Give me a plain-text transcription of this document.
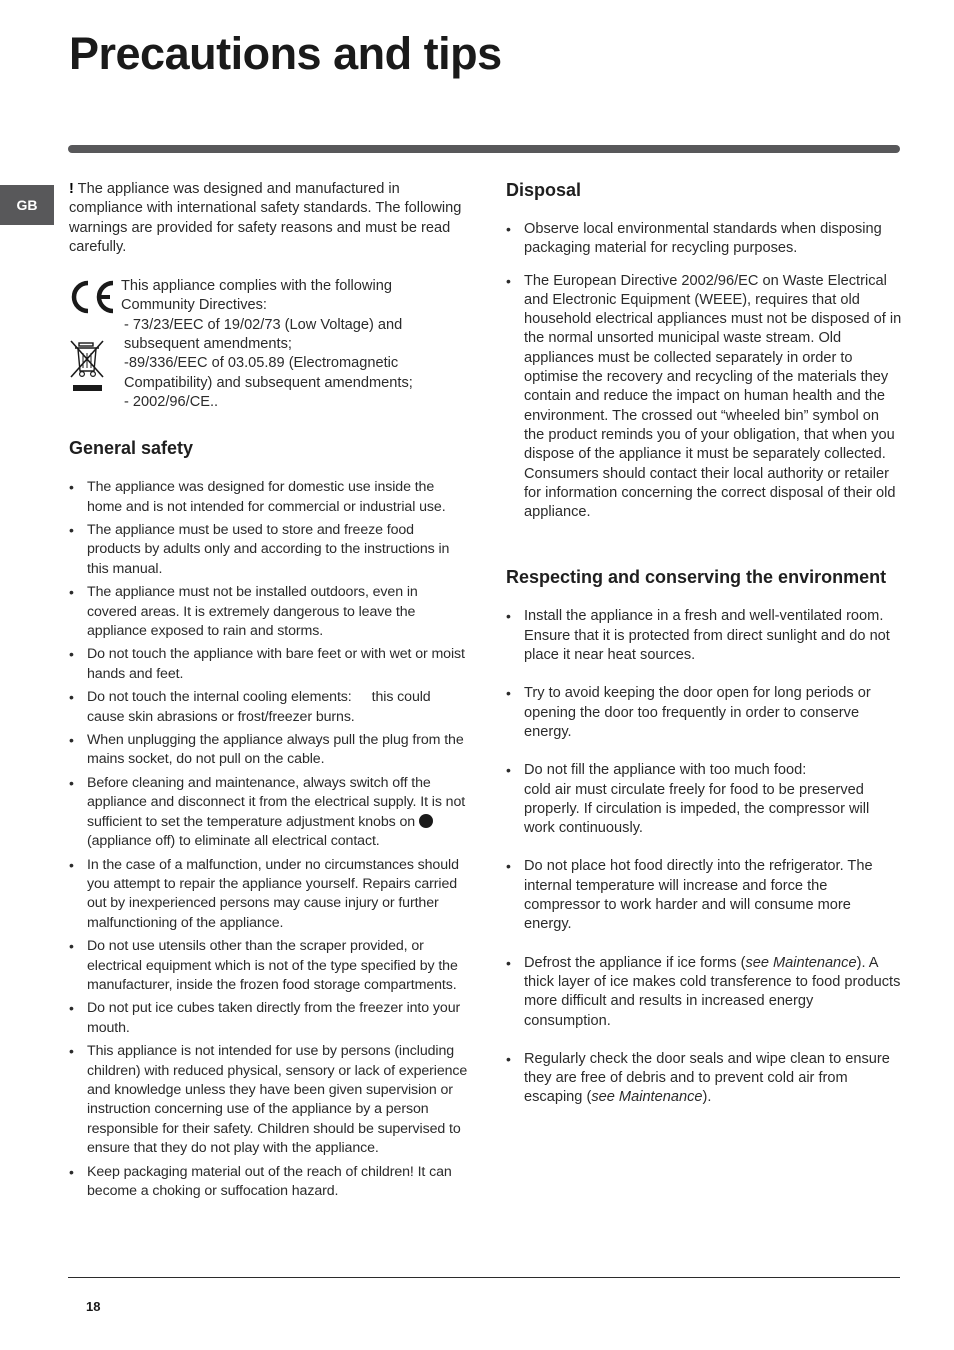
Precautions and tips
GB

! The appliance was designed and manufactured in compliance with international safety standards. The following warnings are provided for safety reasons and must be read carefully.

This appliance complies with the following
Community Directives:
- 73/23/EEC of 19/02/73 (Low Voltage) and
subsequent amendments;
-89/336/EEC of 03.05.89 (Electromagnetic
Compatibility) and subsequent amendments;
- 2002/96/CE..
General safety
• The appliance was designed for domestic use inside the home and is not intended for commercial or industrial use.
• The appliance must be used to store and freeze food products by adults only and according to the instructions in this manual.
• The appliance must not be installed outdoors, even in covered areas. It is extremely dangerous to leave the appliance exposed to rain and storms.
• Do not touch the appliance with bare feet or with wet or moist hands and feet.
• Do not touch the internal cooling elements: this could cause skin abrasions or frost/freezer burns.
• When unplugging the appliance always pull the plug from the mains socket, do not pull on the cable.
• Before cleaning and maintenance, always switch off the appliance and disconnect it from the electrical supply. It is not sufficient to set the temperature adjustment knobs on (appliance off) to eliminate all electrical contact.
• In the case of a malfunction, under no circumstances should you attempt to repair the appliance yourself. Repairs carried out by inexperienced persons may cause injury or further malfunctioning of the appliance.
• Do not use utensils other than the scraper provided, or electrical equipment which is not of the type specified by the manufacturer, inside the frozen food storage compartments.
• Do not put ice cubes taken directly from the freezer into your mouth.
• This appliance is not intended for use by persons (including children) with reduced physical, sensory or lack of experience and knowledge unless they have been given supervision or instruction concerning use of the appliance by a person responsible for their safety. Children should be supervised to ensure that they do not play with the appliance.
• Keep packaging material out of the reach of children! It can become a choking or suffocation hazard.
Disposal
• Observe local environmental standards when disposing packaging material for recycling purposes.
• The European Directive 2002/96/EC on Waste Electrical and Electronic Equipment (WEEE), requires that old household electrical appliances must not be disposed of in the normal unsorted municipal waste stream. Old appliances must be collected separately in order to optimise the recovery and recycling of the materials they contain and reduce the impact on human health and the environment. The crossed out “wheeled bin” symbol on the product reminds you of your obligation, that when you dispose of the appliance it must be separately collected. Consumers should contact their local authority or retailer for information concerning the correct disposal of their old appliance.
Respecting and conserving the environment
• Install the appliance in a fresh and well-ventilated room. Ensure that it is protected from direct sunlight and do not place it near heat sources.
• Try to avoid keeping the door open for long periods or opening the door too frequently in order to conserve energy.
• Do not fill the appliance with too much food:
cold air must circulate freely for food to be preserved properly. If circulation is impeded, the compressor will work continuously.
• Do not place hot food directly into the refrigerator. The internal temperature will increase and force the compressor to work harder and will consume more energy.
• Defrost the appliance if ice forms (see Maintenance). A thick layer of ice makes cold transference to food products more difficult and results in increased energy consumption.
• Regularly check the door seals and wipe clean to ensure they are free of debris and to prevent cold air from escaping (see Maintenance).
18
